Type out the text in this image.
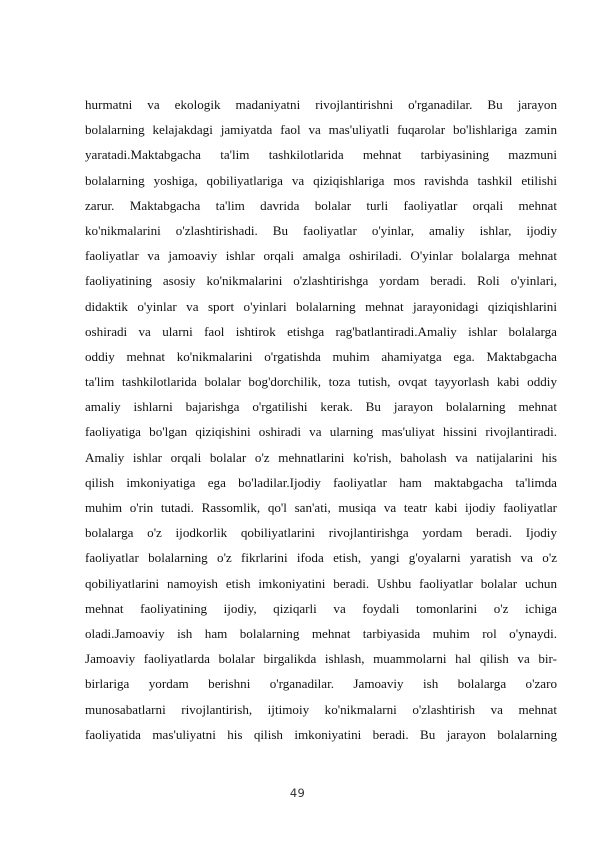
hurmatni va ekologik madaniyatni rivojlantirishni o'rganadilar. Bu jarayon
bolalarning kelajakdagi jamiyatda faol va mas'uliyatli fuqarolar bo'lishlariga zamin
yaratadi.Maktabgacha ta'lim tashkilotlarida mehnat tarbiyasining mazmuni
bolalarning yoshiga, qobiliyatlariga va qiziqishlariga mos ravishda tashkil etilishi
zarur. Maktabgacha ta'lim davrida bolalar turli faoliyatlar orqali mehnat
ko'nikmalarini o'zlashtirishadi. Bu faoliyatlar o'yinlar, amaliy ishlar, ijodiy
faoliyatlar va jamoaviy ishlar orqali amalga oshiriladi. O'yinlar bolalarga mehnat
faoliyatining asosiy ko'nikmalarini o'zlashtirishga yordam beradi. Roli o'yinlari,
didaktik o'yinlar va sport o'yinlari bolalarning mehnat jarayonidagi qiziqishlarini
oshiradi va ularni faol ishtirok etishga rag'batlantiradi.Amaliy ishlar bolalarga
oddiy mehnat ko'nikmalarini o'rgatishda muhim ahamiyatga ega. Maktabgacha
ta'lim tashkilotlarida bolalar bog'dorchilik, toza tutish, ovqat tayyorlash kabi oddiy
amaliy ishlarni bajarishga o'rgatilishi kerak. Bu jarayon bolalarning mehnat
faoliyatiga bo'lgan qiziqishini oshiradi va ularning mas'uliyat hissini rivojlantiradi.
Amaliy ishlar orqali bolalar o'z mehnatlarini ko'rish, baholash va natijalarini his
qilish imkoniyatiga ega bo'ladilar.Ijodiy faoliyatlar ham maktabgacha ta'limda
muhim o'rin tutadi. Rassomlik, qo'l san'ati, musiqa va teatr kabi ijodiy faoliyatlar
bolalarga o'z ijodkorlik qobiliyatlarini rivojlantirishga yordam beradi. Ijodiy
faoliyatlar bolalarning o'z fikrlarini ifoda etish, yangi g'oyalarni yaratish va o'z
qobiliyatlarini namoyish etish imkoniyatini beradi. Ushbu faoliyatlar bolalar uchun
mehnat faoliyatining ijodiy, qiziqarli va foydali tomonlarini o'z ichiga
oladi.Jamoaviy ish ham bolalarning mehnat tarbiyasida muhim rol o'ynaydi.
Jamoaviy faoliyatlarda bolalar birgalikda ishlash, muammolarni hal qilish va bir-
birlariga yordam berishni o'rganadilar. Jamoaviy ish bolalarga o'zaro
munosabatlarni rivojlantirish, ijtimoiy ko'nikmalarni o'zlashtirish va mehnat
faoliyatida mas'uliyatni his qilish imkoniyatini beradi. Bu jarayon bolalarning
49
